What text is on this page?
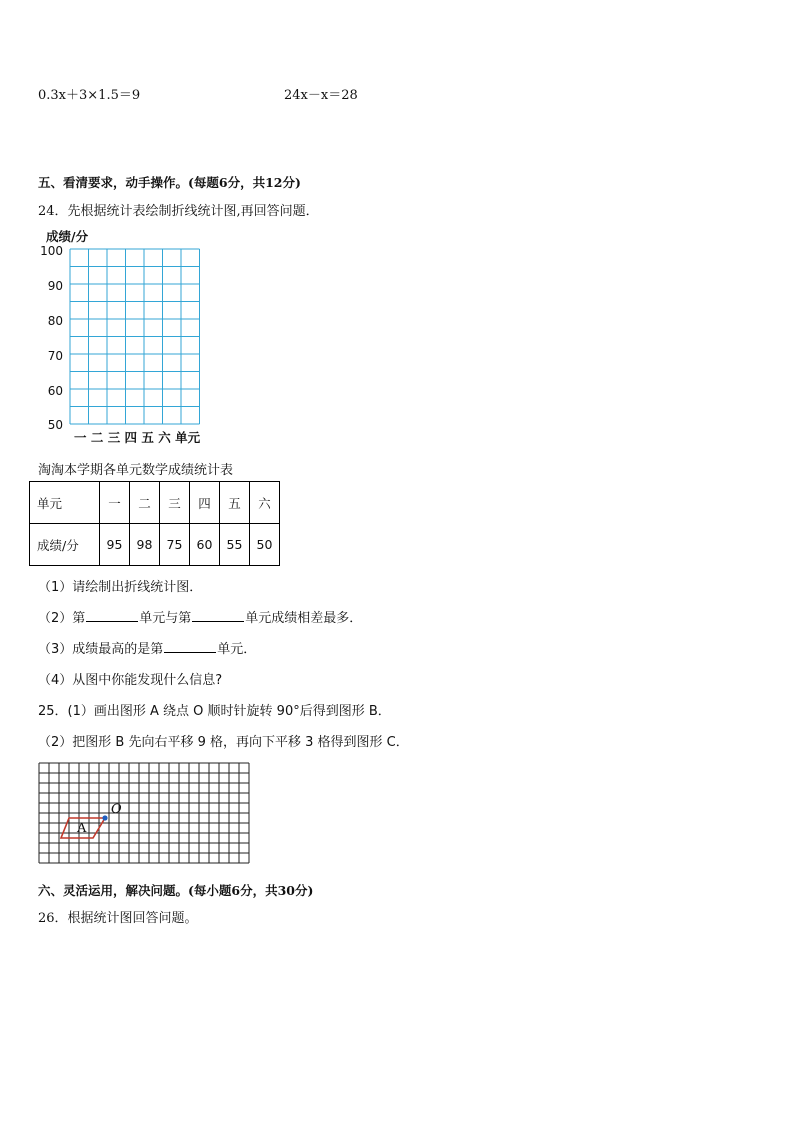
0.3x＋3×1.5＝9	24x－x＝28
五、看清要求，动手操作。(每题6分，共12分)
24．先根据统计表绘制折线统计图,再回答问题．
成绩/分
100
90
80
70
60
50
一 二 三 四 五 六 单元
淘淘本学期各单元数学成绩统计表
单元	一	二	三	四	五	六
成绩/分	95	98	75	60	55	50
（1）请绘制出折线统计图．
（2）第	单元与第	单元成绩相差最多．
（3）成绩最高的是第	单元．
（4）从图中你能发现什么信息?
25．(1）画出图形 A 绕点 O 顺时针旋转 90°后得到图形 B．
（2）把图形 B 先向右平移 9 格，再向下平移 3 格得到图形 C．
A
O
六、灵活运用，解决问题。(每小题6分，共30分)
26．根据统计图回答问题。
